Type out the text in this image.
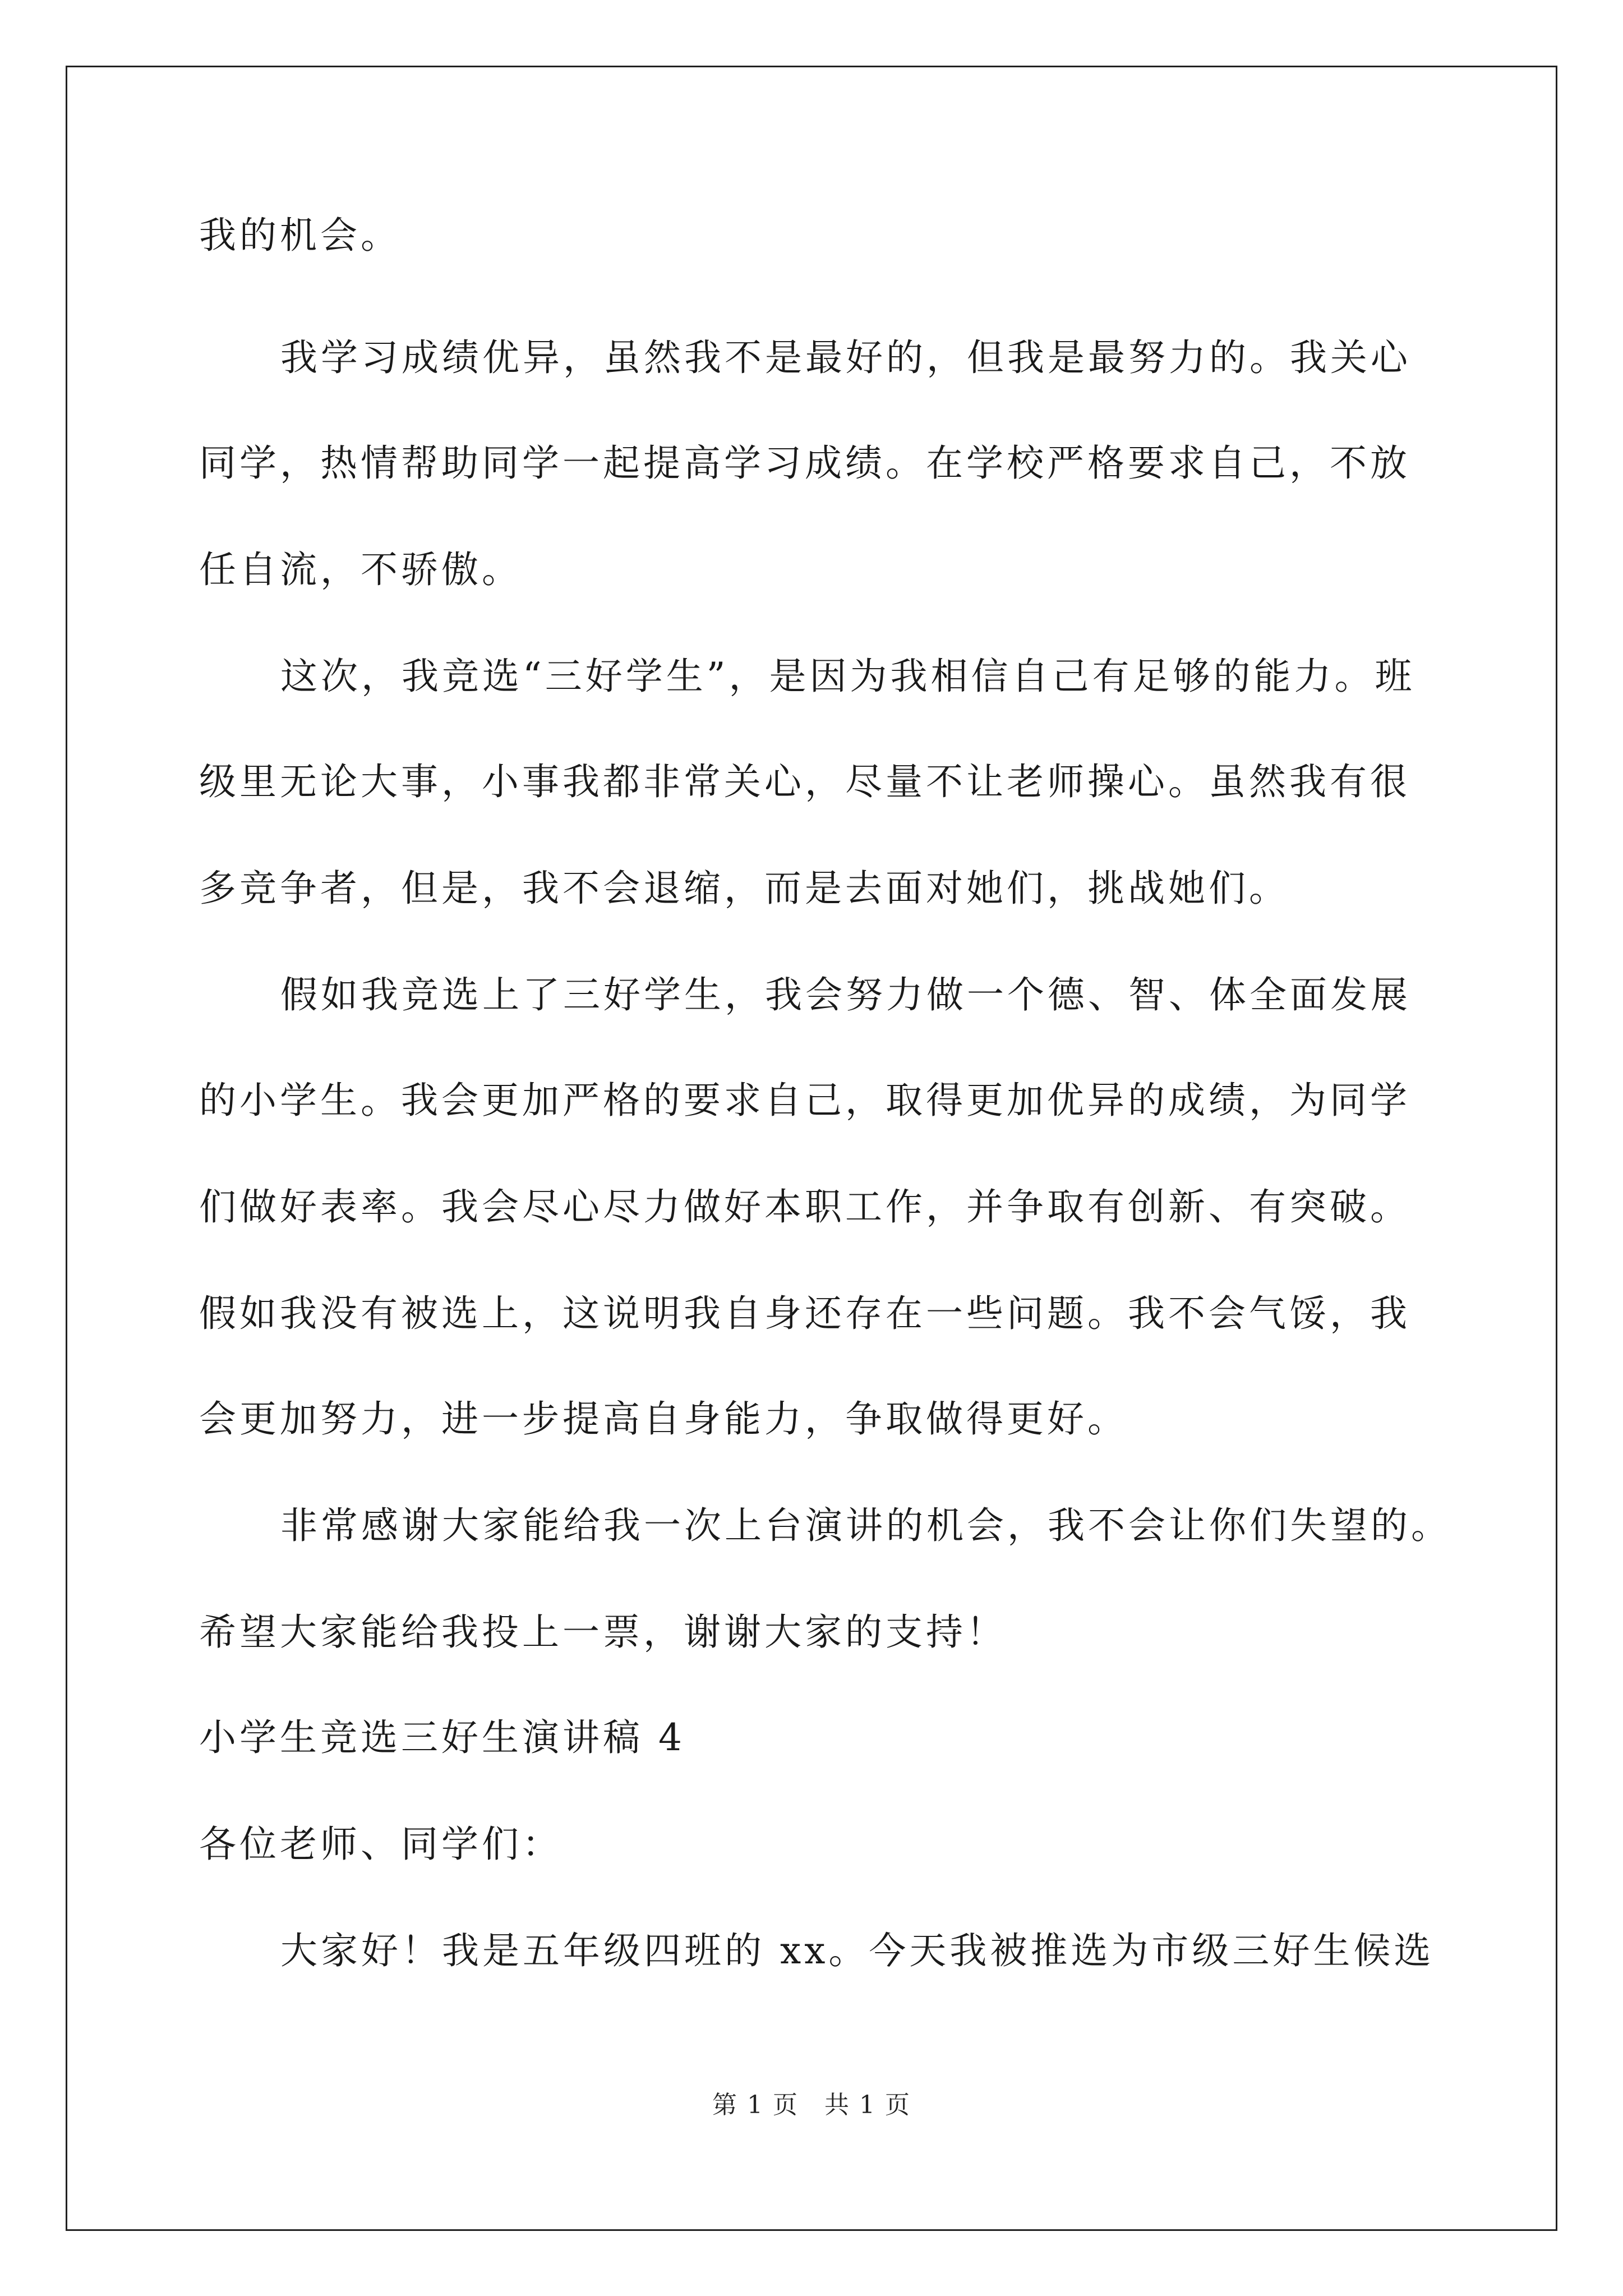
我的机会。
我学习成绩优异，虽然我不是最好的，但我是最努力的。我关心
同学，热情帮助同学一起提高学习成绩。在学校严格要求自己，不放
任自流，不骄傲。
这次，我竞选“三好学生”，是因为我相信自己有足够的能力。班
级里无论大事，小事我都非常关心，尽量不让老师操心。虽然我有很
多竞争者，但是，我不会退缩，而是去面对她们，挑战她们。
假如我竞选上了三好学生，我会努力做一个德、智、体全面发展
的小学生。我会更加严格的要求自己，取得更加优异的成绩，为同学
们做好表率。我会尽心尽力做好本职工作，并争取有创新、有突破。
假如我没有被选上，这说明我自身还存在一些问题。我不会气馁，我
会更加努力，进一步提高自身能力，争取做得更好。
非常感谢大家能给我一次上台演讲的机会，我不会让你们失望的。
希望大家能给我投上一票，谢谢大家的支持！
小学生竞选三好生演讲稿 4
各位老师、同学们：
大家好！我是五年级四班的 xx。今天我被推选为市级三好生候选
第 1 页　共 1 页
